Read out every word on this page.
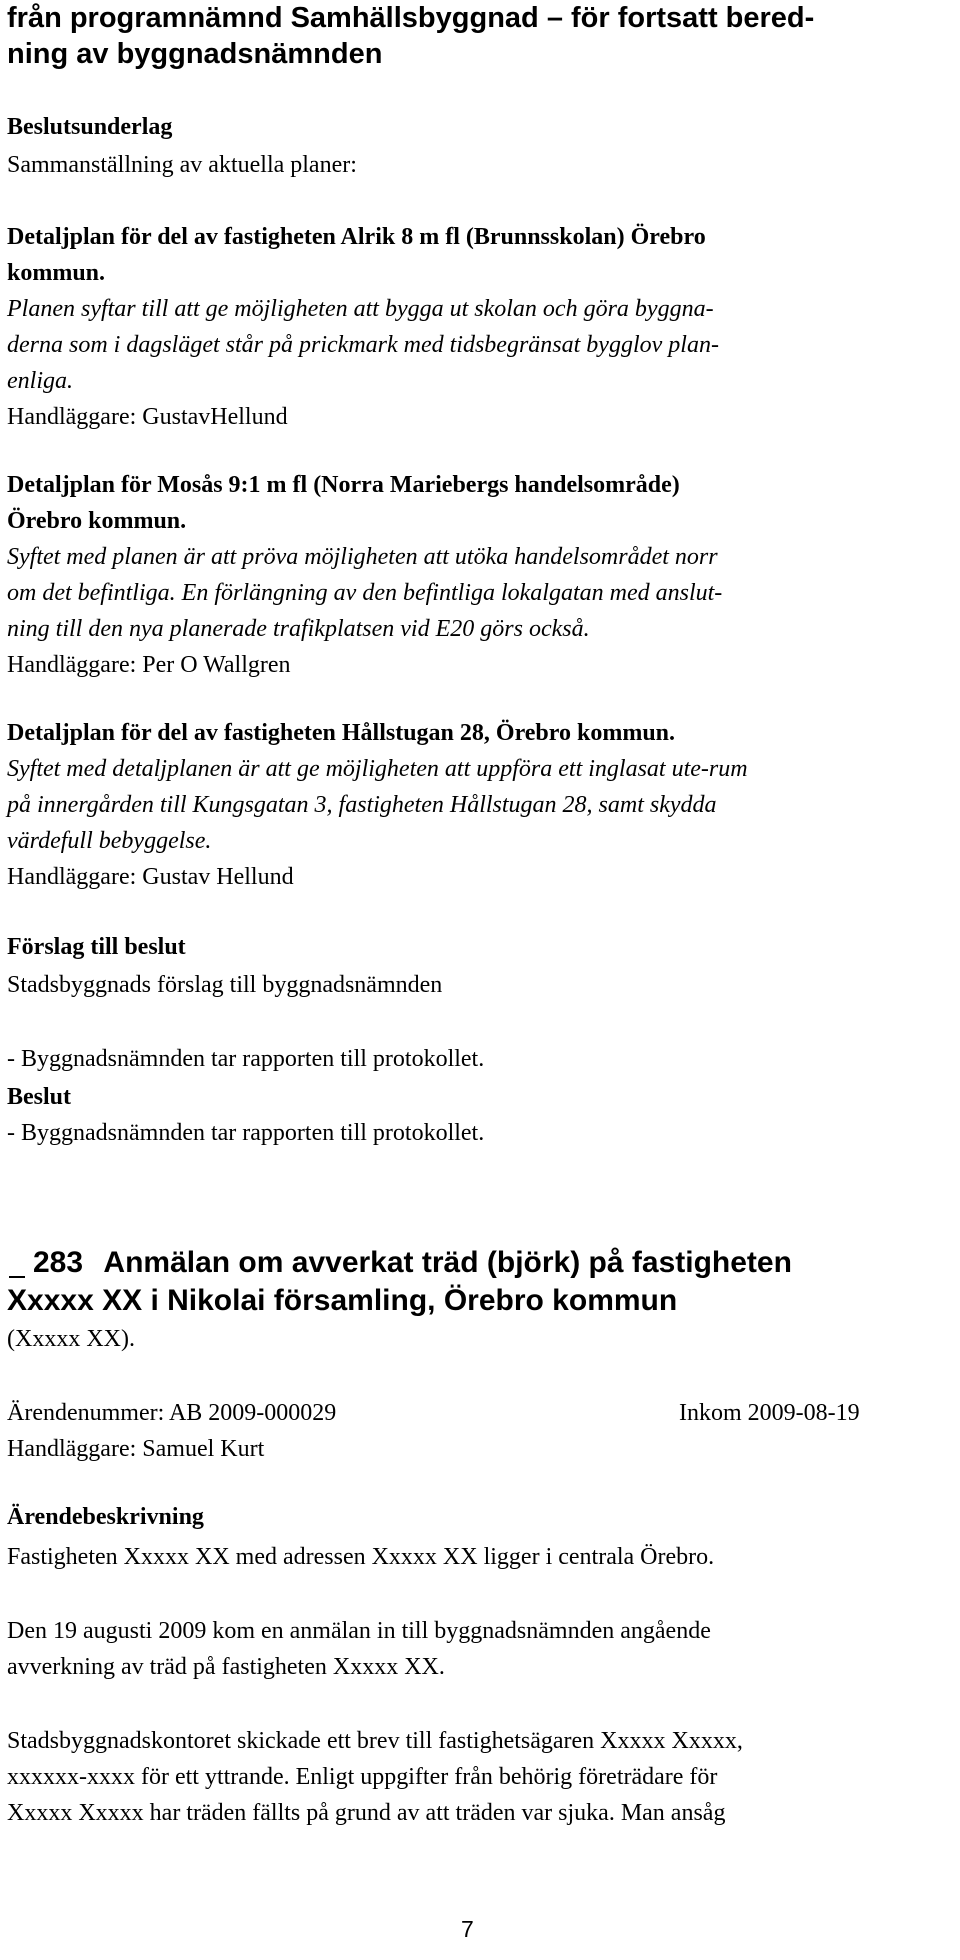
från programnämnd Samhällsbyggnad – för fortsatt bered-
ning av byggnadsnämnden
Beslutsunderlag
Sammanställning av aktuella planer:
Detaljplan för del av fastigheten Alrik 8 m fl (Brunnsskolan) Örebro
kommun.
Planen syftar till att ge möjligheten att bygga ut skolan och göra byggna-
derna som i dagsläget står på prickmark med tidsbegränsat bygglov plan-
enliga.
Handläggare: GustavHellund
Detaljplan för Mosås 9:1 m fl (Norra Mariebergs handelsområde)
Örebro kommun.
Syftet med planen är att pröva möjligheten att utöka handelsområdet norr
om det befintliga. En förlängning av den befintliga lokalgatan med anslut-
ning till den nya planerade trafikplatsen vid E20 görs också.
Handläggare: Per O Wallgren
Detaljplan för del av fastigheten Hållstugan 28, Örebro kommun.
Syftet med detaljplanen är att ge möjligheten att uppföra ett inglasat ute-rum
på innergården till Kungsgatan 3, fastigheten Hållstugan 28, samt skydda
värdefull bebyggelse.
Handläggare: Gustav Hellund
Förslag till beslut
Stadsbyggnads förslag till byggnadsnämnden
- Byggnadsnämnden tar rapporten till protokollet.
Beslut
- Byggnadsnämnden tar rapporten till protokollet.
283 Anmälan om avverkat träd (björk) på fastigheten
Xxxxx XX i Nikolai församling, Örebro kommun
(Xxxxx XX).
Ärendenummer: AB 2009-000029	Inkom 2009-08-19
Handläggare: Samuel Kurt
Ärendebeskrivning
Fastigheten Xxxxx XX med adressen Xxxxx XX ligger i centrala Örebro.
Den 19 augusti 2009 kom en anmälan in till byggnadsnämnden angående
avverkning av träd på fastigheten Xxxxx XX.
Stadsbyggnadskontoret skickade ett brev till fastighetsägaren Xxxxx Xxxxx,
xxxxxx-xxxx för ett yttrande. Enligt uppgifter från behörig företrädare för
Xxxxx Xxxxx har träden fällts på grund av att träden var sjuka. Man ansåg
7
